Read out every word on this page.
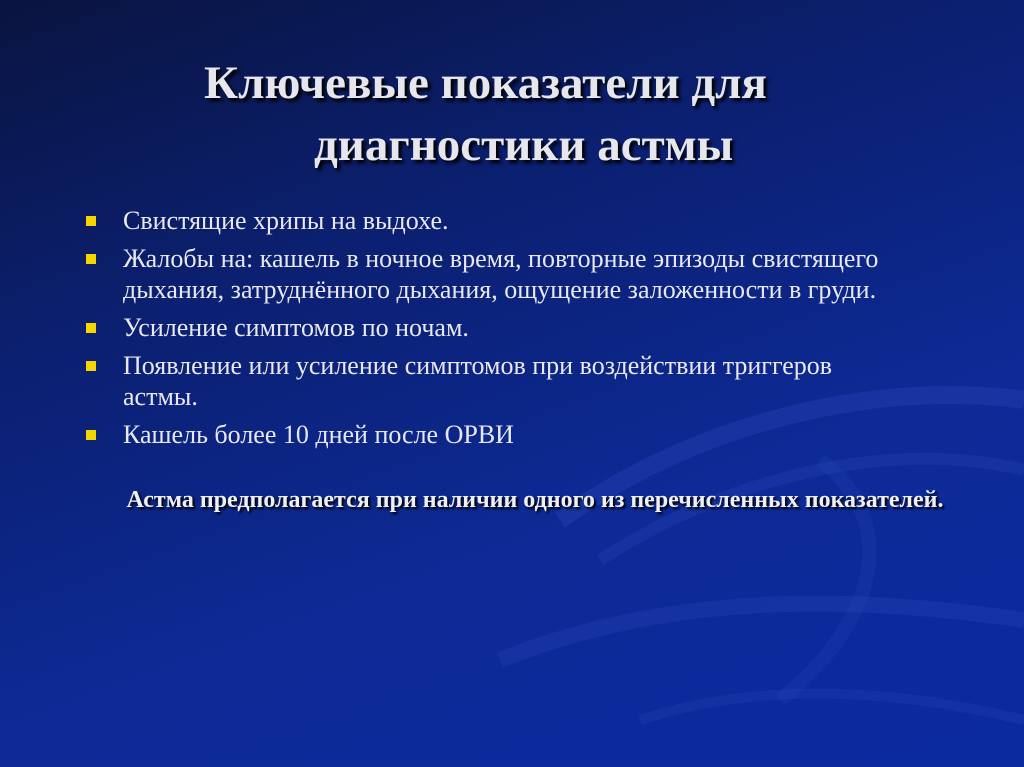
Ключевые показатели для
диагностики астмы
Свистящие хрипы на выдохе.
Жалобы на: кашель в ночное время, повторные эпизоды свистящего дыхания, затруднённого дыхания, ощущение заложенности в груди.
Усиление симптомов по ночам.
Появление или усиление симптомов при воздействии триггеров астмы.
Кашель более 10 дней после ОРВИ

Астма предполагается при наличии одного из перечисленных показателей.
